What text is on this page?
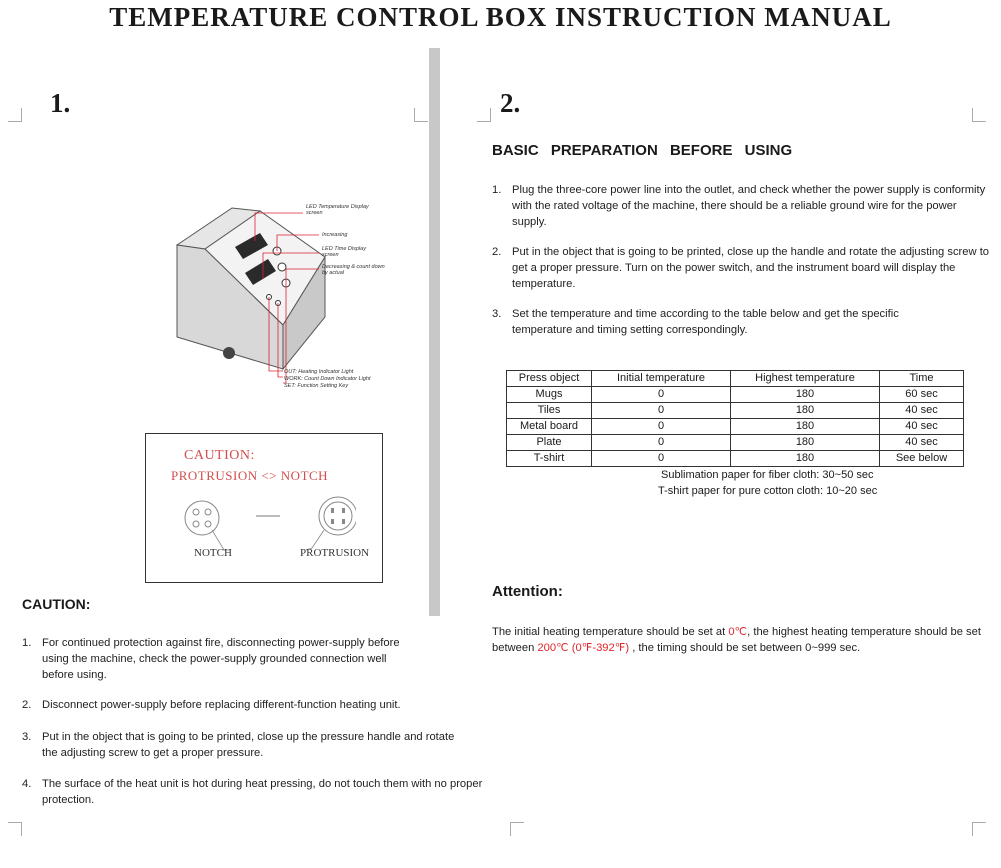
TEMPERATURE CONTROL BOX INSTRUCTION MANUAL
1.
LED Temperature Display screen
Increasing
LED Time Display screen
Decreasing & count down by actual
OUT: Heating Indicator Light
WORK: Count Down Indicator Light
SET: Function Setting Key
CAUTION:
PROTRUSION <> NOTCH
NOTCH	PROTRUSION
CAUTION:
1. For continued protection against fire, disconnecting power-supply before using the machine, check the power-supply grounded connection well before using.
2. Disconnect power-supply before replacing different-function heating unit.
3. Put in the object that is going to be printed, close up the pressure handle and rotate the adjusting screw to get a proper pressure.
4. The surface of the heat unit is hot during heat pressing, do not touch them with no proper protection.
2.
BASIC PREPARATION BEFORE USING
1. Plug the three-core power line into the outlet, and check whether the power supply is conformity with the rated voltage of the machine, there should be a reliable ground wire for the power supply.
2. Put in the object that is going to be printed, close up the handle and rotate the adjusting screw to get a proper pressure. Turn on the power switch, and the instrument board will display the temperature.
3. Set the temperature and time according to the table below and get the specific temperature and timing setting correspondingly.
Press object	Initial temperature	Highest temperature	Time
Mugs	0	180	60 sec
Tiles	0	180	40 sec
Metal board	0	180	40 sec
Plate	0	180	40 sec
T-shirt	0	180	See below
Sublimation paper for fiber cloth: 30~50 sec
T-shirt paper for pure cotton cloth: 10~20 sec
Attention:
The initial heating temperature should be set at 0℃, the highest heating temperature should be set between 200℃ (0℉-392℉) , the timing should be set between 0~999 sec.
